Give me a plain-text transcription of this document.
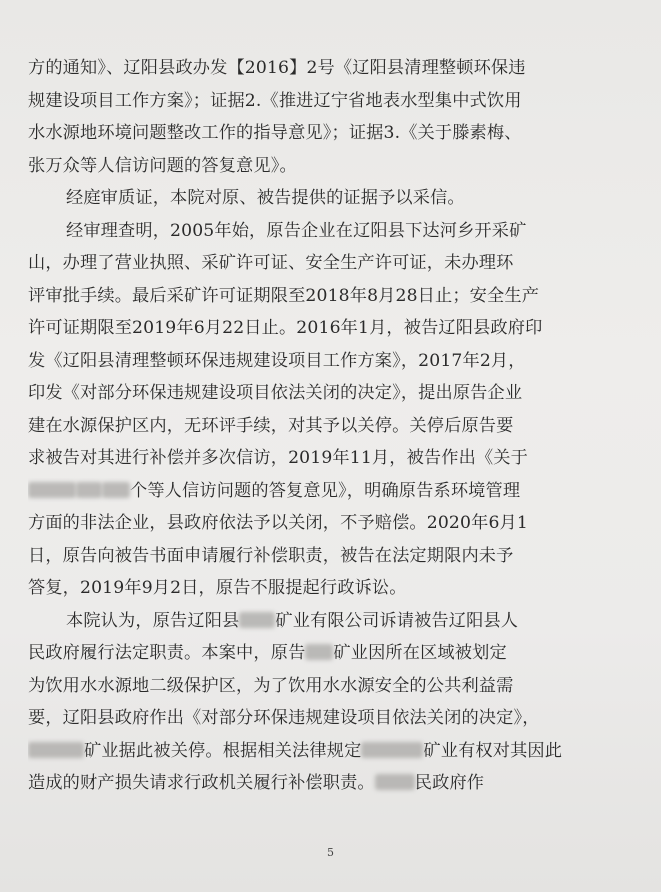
方的通知》、辽阳县政办发【2016】2号《辽阳县清理整顿环保违
规建设项目工作方案》；证据2.《推进辽宁省地表水型集中式饮用
水水源地环境问题整改工作的指导意见》；证据3.《关于滕素梅、
张万众等人信访问题的答复意见》。
经庭审质证，本院对原、被告提供的证据予以采信。
经审理查明，2005年始，原告企业在辽阳县下达河乡开采矿
山，办理了营业执照、采矿许可证、安全生产许可证，未办理环
评审批手续。最后采矿许可证期限至2018年8月28日止；安全生产
许可证期限至2019年6月22日止。2016年1月，被告辽阳县政府印
发《辽阳县清理整顿环保违规建设项目工作方案》，2017年2月，
印发《对部分环保违规建设项目依法关闭的决定》，提出原告企业
建在水源保护区内，无环评手续，对其予以关停。关停后原告要
求被告对其进行补偿并多次信访，2019年11月，被告作出《关于
个等人信访问题的答复意见》，明确原告系环境管理
方面的非法企业，县政府依法予以关闭，不予赔偿。2020年6月1
日，原告向被告书面申请履行补偿职责，被告在法定期限内未予
答复，2019年9月2日，原告不服提起行政诉讼。
本院认为，原告辽阳县 矿业有限公司诉请被告辽阳县人
民政府履行法定职责。本案中，原告 矿业因所在区域被划定
为饮用水水源地二级保护区，为了饮用水水源安全的公共利益需
要，辽阳县政府作出《对部分环保违规建设项目依法关闭的决定》，
矿业据此被关停。根据相关法律规定	矿业有权对其因此
造成的财产损失请求行政机关履行补偿职责。 民政府作
5
